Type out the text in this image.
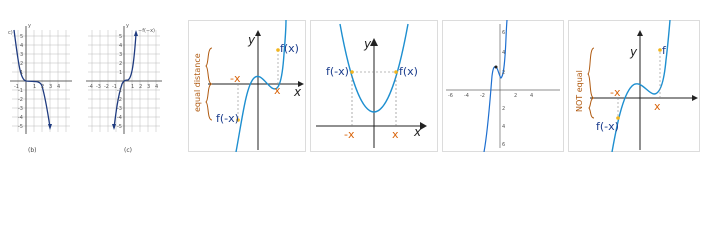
c)
y
5
4
3
2
1
-1
-2
-3
-4
-5
-1	1 2 3 4
(b)
y
−f(−x)
5
4
3
2
1
-1
-2
-3
-4
-5
-4 -3 -2 -1	1 2 3 4
(c)
equal distance
y
f(x)
f(-x)
-x
x x
y
f(-x)	f(x)
-x	x x
-6 -4 -2	2	4
6
4
2
2
4
6
NOT equal
y f
f(-x)
-x
x
